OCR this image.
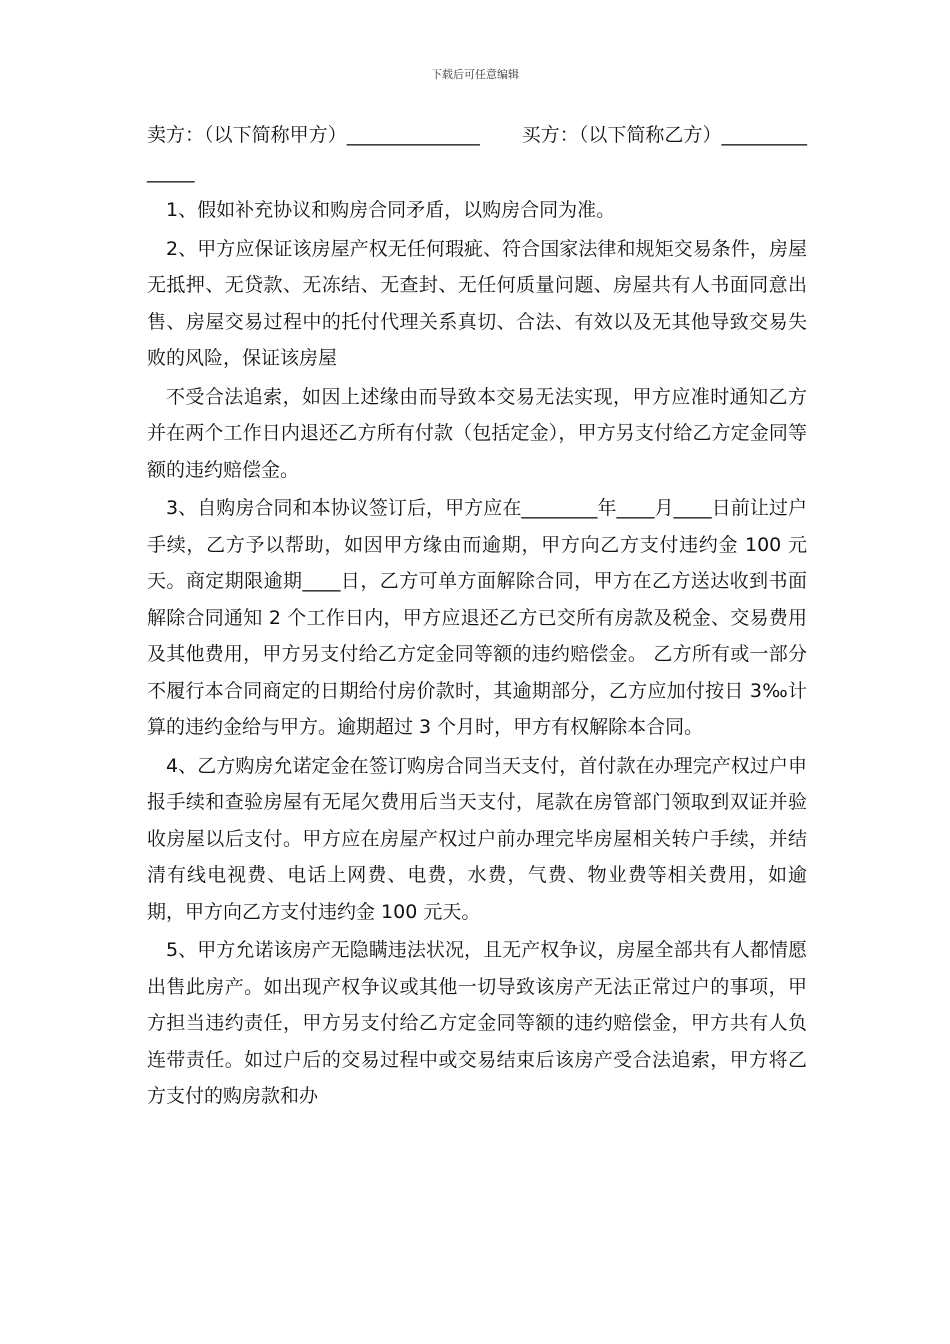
下载后可任意编辑

卖方：（以下简称甲方）______________ 买方：（以下简称乙方）______________

1、假如补充协议和购房合同矛盾，以购房合同为准。

2、甲方应保证该房屋产权无任何瑕疵、符合国家法律和规矩交易条件，房屋无抵押、无贷款、无冻结、无查封、无任何质量问题、房屋共有人书面同意出售、房屋交易过程中的托付代理关系真切、合法、有效以及无其他导致交易失败的风险，保证该房屋

不受合法追索，如因上述缘由而导致本交易无法实现，甲方应准时通知乙方并在两个工作日内退还乙方所有付款（包括定金），甲方另支付给乙方定金同等额的违约赔偿金。

3、自购房合同和本协议签订后，甲方应在________年____月____日前让过户手续，乙方予以帮助，如因甲方缘由而逾期，甲方向乙方支付违约金 100 元天。商定期限逾期____日，乙方可单方面解除合同，甲方在乙方送达收到书面解除合同通知 2 个工作日内，甲方应退还乙方已交所有房款及税金、交易费用及其他费用，甲方另支付给乙方定金同等额的违约赔偿金。 乙方所有或一部分不履行本合同商定的日期给付房价款时，其逾期部分，乙方应加付按日 3‰计算的违约金给与甲方。逾期超过 3 个月时，甲方有权解除本合同。

4、乙方购房允诺定金在签订购房合同当天支付，首付款在办理完产权过户申报手续和查验房屋有无尾欠费用后当天支付，尾款在房管部门领取到双证并验收房屋以后支付。甲方应在房屋产权过户前办理完毕房屋相关转户手续，并结清有线电视费、电话上网费、电费，水费，气费、物业费等相关费用，如逾期，甲方向乙方支付违约金 100 元天。

5、甲方允诺该房产无隐瞒违法状况，且无产权争议，房屋全部共有人都情愿出售此房产。如出现产权争议或其他一切导致该房产无法正常过户的事项，甲方担当违约责任，甲方另支付给乙方定金同等额的违约赔偿金，甲方共有人负连带责任。如过户后的交易过程中或交易结束后该房产受合法追索，甲方将乙方支付的购房款和办
